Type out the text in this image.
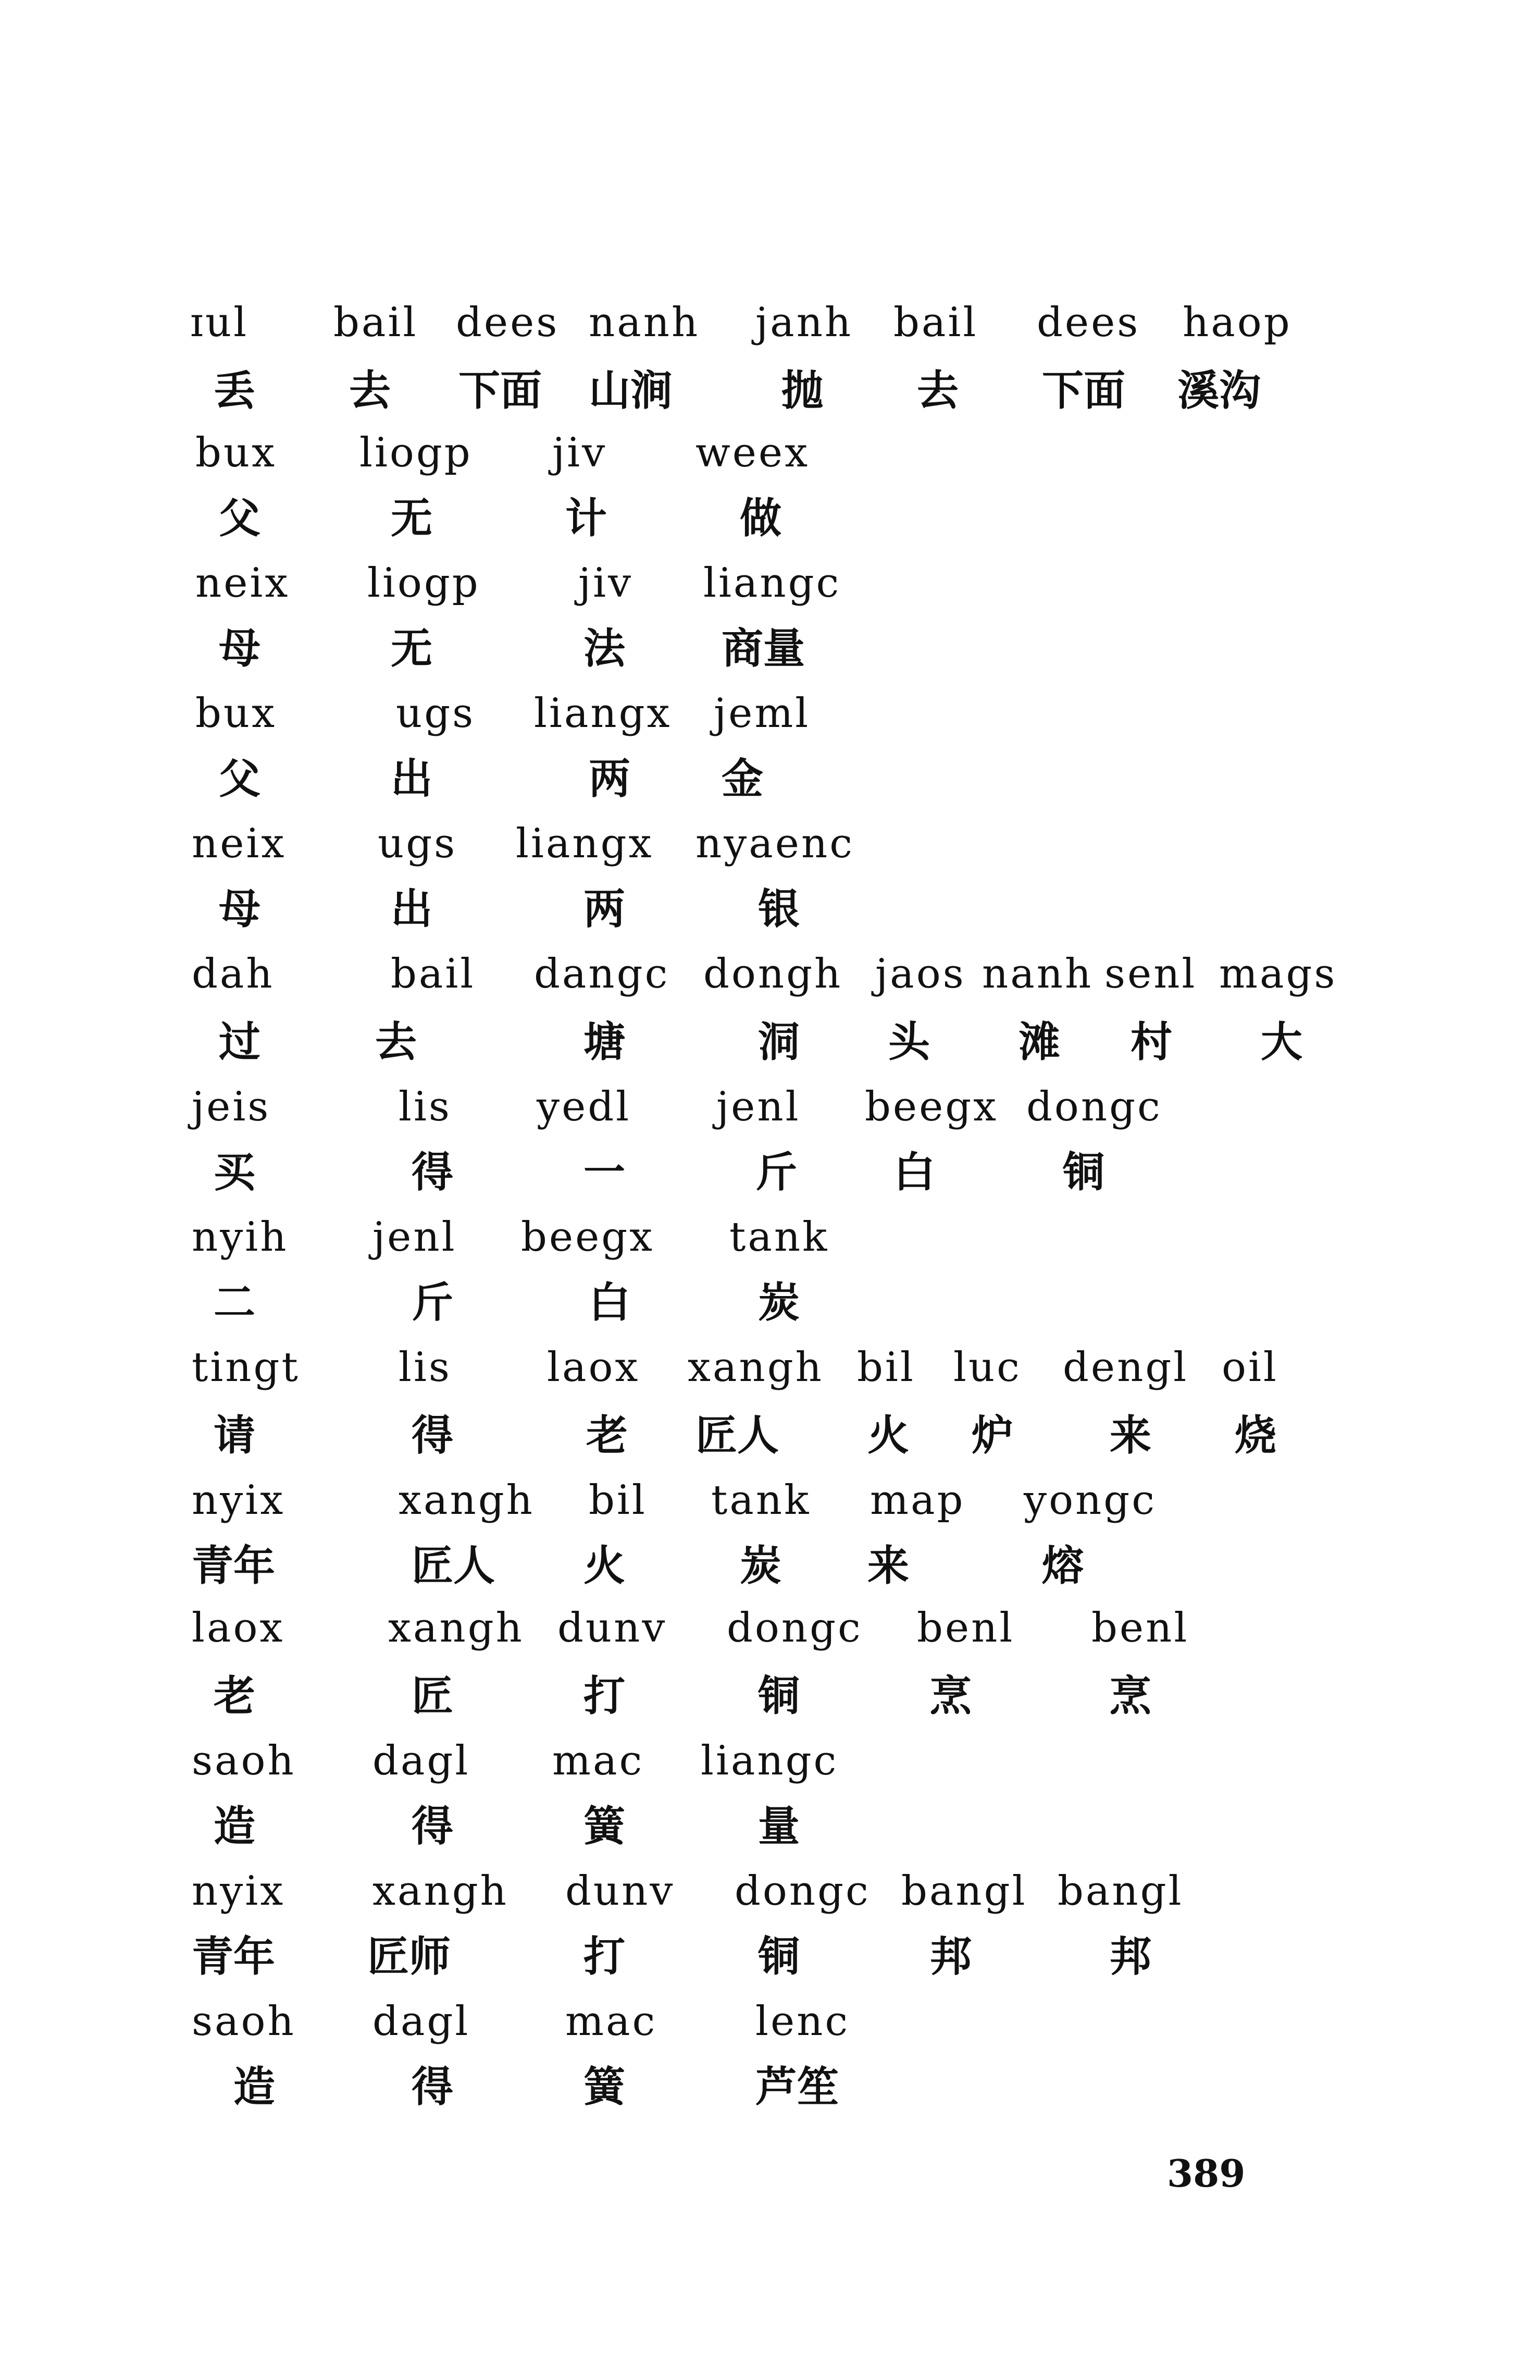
ɪul bail dees nanh janh bail dees haop
丢 去 下面 山涧	抛 去 下面 溪沟
bux liogp jiv weex
父	无	计	做
neix liogp jiv liangc
母	无	法 商量
bux	ugs liangx jeml
父	出	两 金
neix ugs liangx nyaenc
母	出	两	银
dah	bail dangc dongh jaos nanh senl mags
过	去	塘	洞 头 滩 村 大
jeis	lis yedl jenl beegx dongc
买	得	一	斤 白	铜
nyih jenl beegx tank
二	斤	白	炭
tingt lis laox xangh bil luc dengl oil
请	得	老 匠人 火 炉 来 烧
nyix	xangh bil tank map yongc
青年	匠人 火	炭 来	熔
laox	xangh dunv dongc benl benl
老	匠	打	铜	烹	烹
saoh dagl mac liangc
造	得	簧	量
nyix xangh dunv dongc bangl bangl
青年 匠师	打	铜	邦	邦
saoh dagl mac lenc
造	得	簧	芦笙
389
